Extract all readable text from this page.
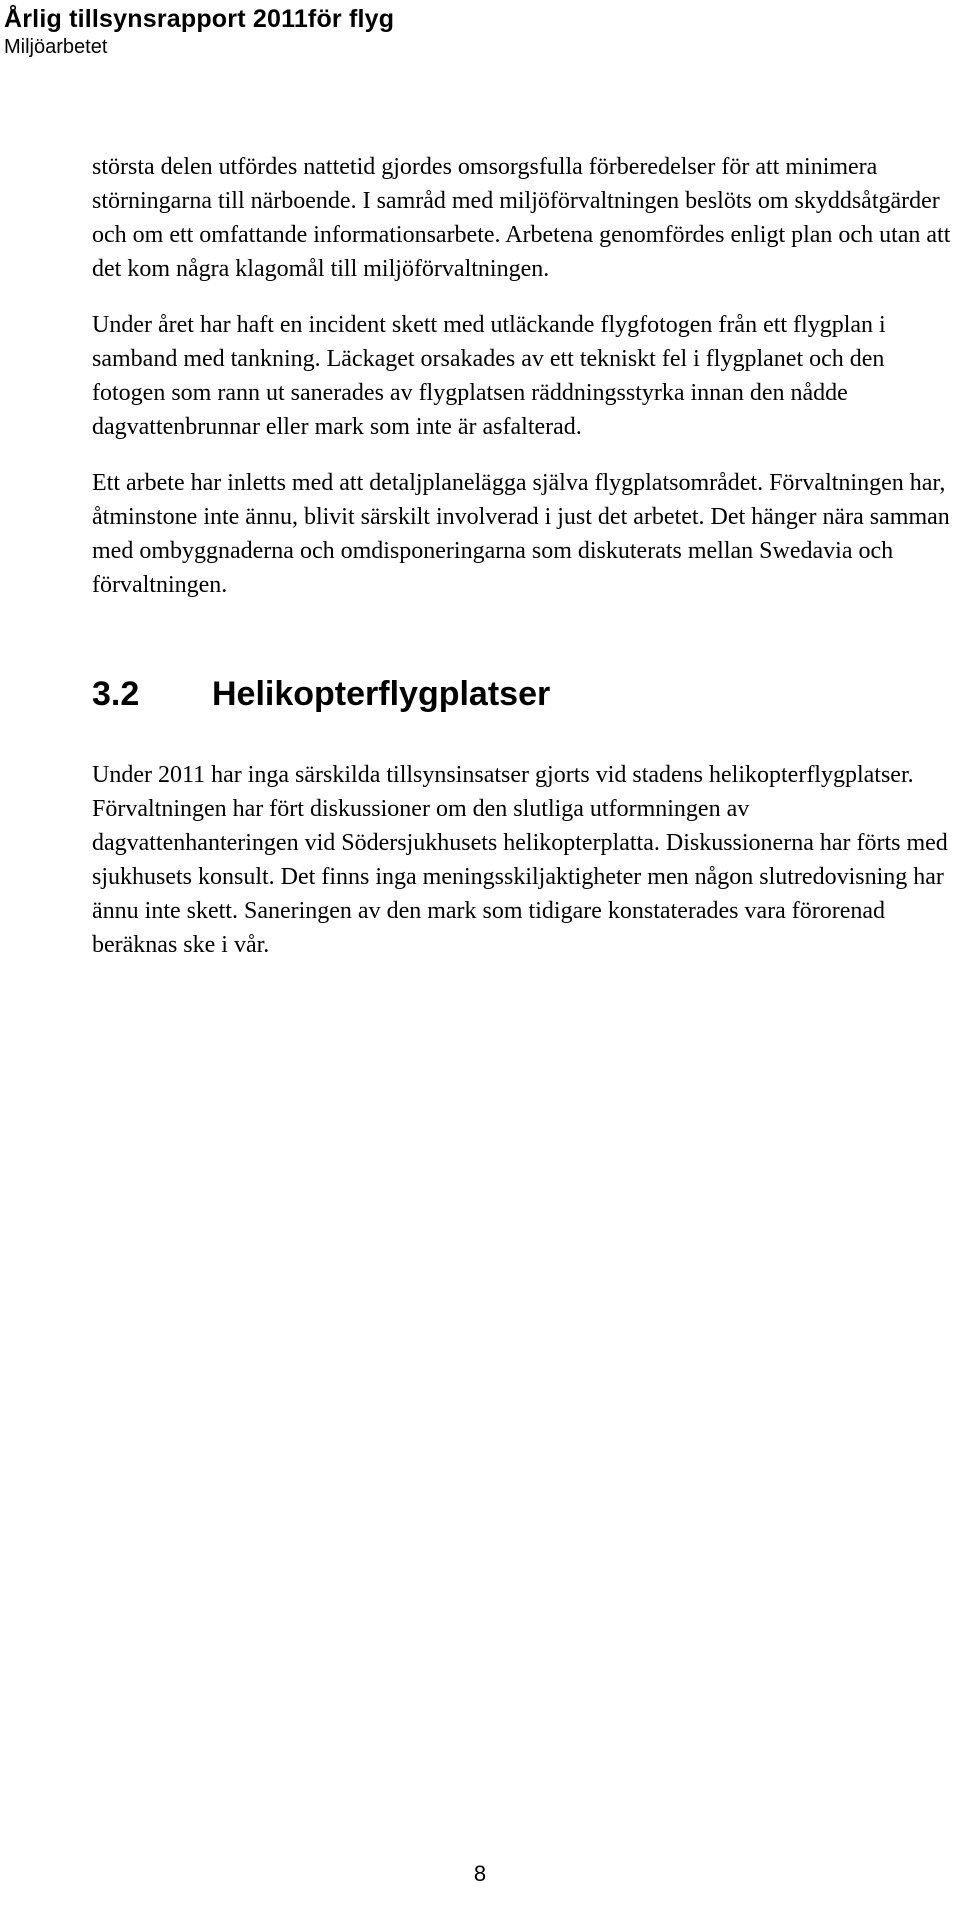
Årlig tillsynsrapport 2011för flyg
Miljöarbetet

största delen utfördes nattetid gjordes omsorgsfulla förberedelser för att minimera störningarna till närboende. I samråd med miljöförvaltningen beslöts om skyddsåtgärder och om ett omfattande informationsarbete. Arbetena genomfördes enligt plan och utan att det kom några klagomål till miljöförvaltningen.

Under året har haft en incident skett med utläckande flygfotogen från ett flygplan i samband med tankning. Läckaget orsakades av ett tekniskt fel i flygplanet och den fotogen som rann ut sanerades av flygplatsen räddningsstyrka innan den nådde dagvattenbrunnar eller mark som inte är asfalterad.

Ett arbete har inletts med att detaljplanelägga själva flygplatsområdet. Förvaltningen har, åtminstone inte ännu, blivit särskilt involverad i just det arbetet. Det hänger nära samman med ombyggnaderna och omdisponeringarna som diskuterats mellan Swedavia och förvaltningen.

3.2	Helikopterflygplatser

Under 2011 har inga särskilda tillsynsinsatser gjorts vid stadens helikopterflygplatser. Förvaltningen har fört diskussioner om den slutliga utformningen av dagvattenhanteringen vid Södersjukhusets helikopterplatta. Diskussionerna har förts med sjukhusets konsult. Det finns inga meningsskiljaktigheter men någon slutredovisning har ännu inte skett. Saneringen av den mark som tidigare konstaterades vara förorenad beräknas ske i vår.

8
